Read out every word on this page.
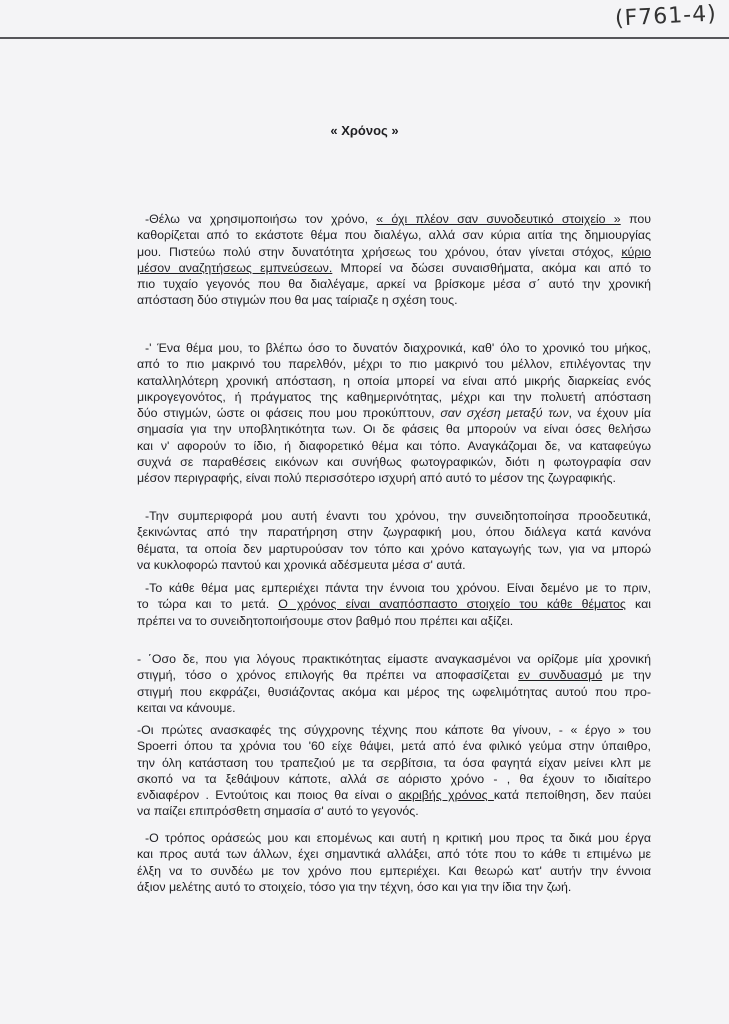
(F761-4)
« Χρόνος »
-Θέλω να χρησιμοποιήσω τον χρόνο, « όχι πλέον σαν συνοδευτικό στοιχείο » που
καθορίζεται από το εκάστοτε θέμα που διαλέγω, αλλά σαν κύρια αιτία της δημιουργίας
μου. Πιστεύω πολύ στην δυνατότητα χρήσεως του χρόνου, όταν γίνεται στόχος, κύριο
μέσον αναζητήσεως εμπνεύσεων. Μπορεί να δώσει συναισθήματα, ακόμα και από το
πιο τυχαίο γεγονός που θα διαλέγαμε, αρκεί να βρίσκομε μέσα σ΄ αυτό την χρονική
απόσταση δύο στιγμών που θα μας ταίριαζε η σχέση τους.
-' Ένα θέμα μου, το βλέπω όσο το δυνατόν διαχρονικά, καθ' όλο το χρονικό του μήκος,
από το πιο μακρινό του παρελθόν, μέχρι το πιο μακρινό του μέλλον, επιλέγοντας την
καταλληλότερη χρονική απόσταση, η οποία μπορεί να είναι από μικρής διαρκείας ενός
μικρογεγονότος, ή πράγματος της καθημερινότητας, μέχρι και την πολυετή απόσταση
δύο στιγμών, ώστε οι φάσεις που μου προκύπτουν, σαν σχέση μεταξύ των, να έχουν μία
σημασία για την υποβλητικότητα των. Οι δε φάσεις θα μπορούν να είναι όσες θελήσω
και ν' αφορούν το ίδιο, ή διαφορετικό θέμα και τόπο. Αναγκάζομαι δε, να καταφεύγω
συχνά σε παραθέσεις εικόνων και συνήθως φωτογραφικών, διότι η φωτογραφία σαν
μέσον περιγραφής, είναι πολύ περισσότερο ισχυρή από αυτό το μέσον της ζωγραφικής.
-Την συμπεριφορά μου αυτή έναντι του χρόνου, την συνειδητοποίησα προοδευτικά,
ξεκινώντας από την παρατήρηση στην ζωγραφική μου, όπου διάλεγα κατά κανόνα
θέματα, τα οποία δεν μαρτυρούσαν τον τόπο και χρόνο καταγωγής των, για να μπορώ
να κυκλοφορώ παντού και χρονικά αδέσμευτα μέσα σ' αυτά.
-Το κάθε θέμα μας εμπεριέχει πάντα την έννοια του χρόνου. Είναι δεμένο με το πριν,
το τώρα και το μετά. Ο χρόνος είναι αναπόσπαστο στοιχείο του κάθε θέματος και
πρέπει να το συνειδητοποιήσουμε στον βαθμό που πρέπει και αξίζει.
- ΄Οσο δε, που για λόγους πρακτικότητας είμαστε αναγκασμένοι να ορίζομε μία χρονική
στιγμή, τόσο ο χρόνος επιλογής θα πρέπει να αποφασίζεται εν συνδυασμό με την
στιγμή που εκφράζει, θυσιάζοντας ακόμα και μέρος της ωφελιμότητας αυτού που προ-
κειται να κάνουμε.
-Οι πρώτες ανασκαφές της σύγχρονης τέχνης που κάποτε θα γίνουν, - « έργο » του
Spoerri όπου τα χρόνια του '60 είχε θάψει, μετά από ένα φιλικό γεύμα στην ύπαιθρο,
την όλη κατάσταση του τραπεζιού με τα σερβίτσια, τα όσα φαγητά είχαν μείνει κλπ με
σκοπό να τα ξεθάψουν κάποτε, αλλά σε αόριστο χρόνο - , θα έχουν το ιδιαίτερο
ενδιαφέρον . Εντούτοις και ποιος θα είναι ο ακριβής χρόνος κατά πεποίθηση, δεν παύει
να παίζει επιπρόσθετη σημασία σ' αυτό το γεγονός.
-Ο τρόπος οράσεώς μου και επομένως και αυτή η κριτική μου προς τα δικά μου έργα
και προς αυτά των άλλων, έχει σημαντικά αλλάξει, από τότε που το κάθε τι επιμένω με
έλξη να το συνδέω με τον χρόνο που εμπεριέχει. Και θεωρώ κατ' αυτήν την έννοια
άξιον μελέτης αυτό το στοιχείο, τόσο για την τέχνη, όσο και για την ίδια την ζωή.
